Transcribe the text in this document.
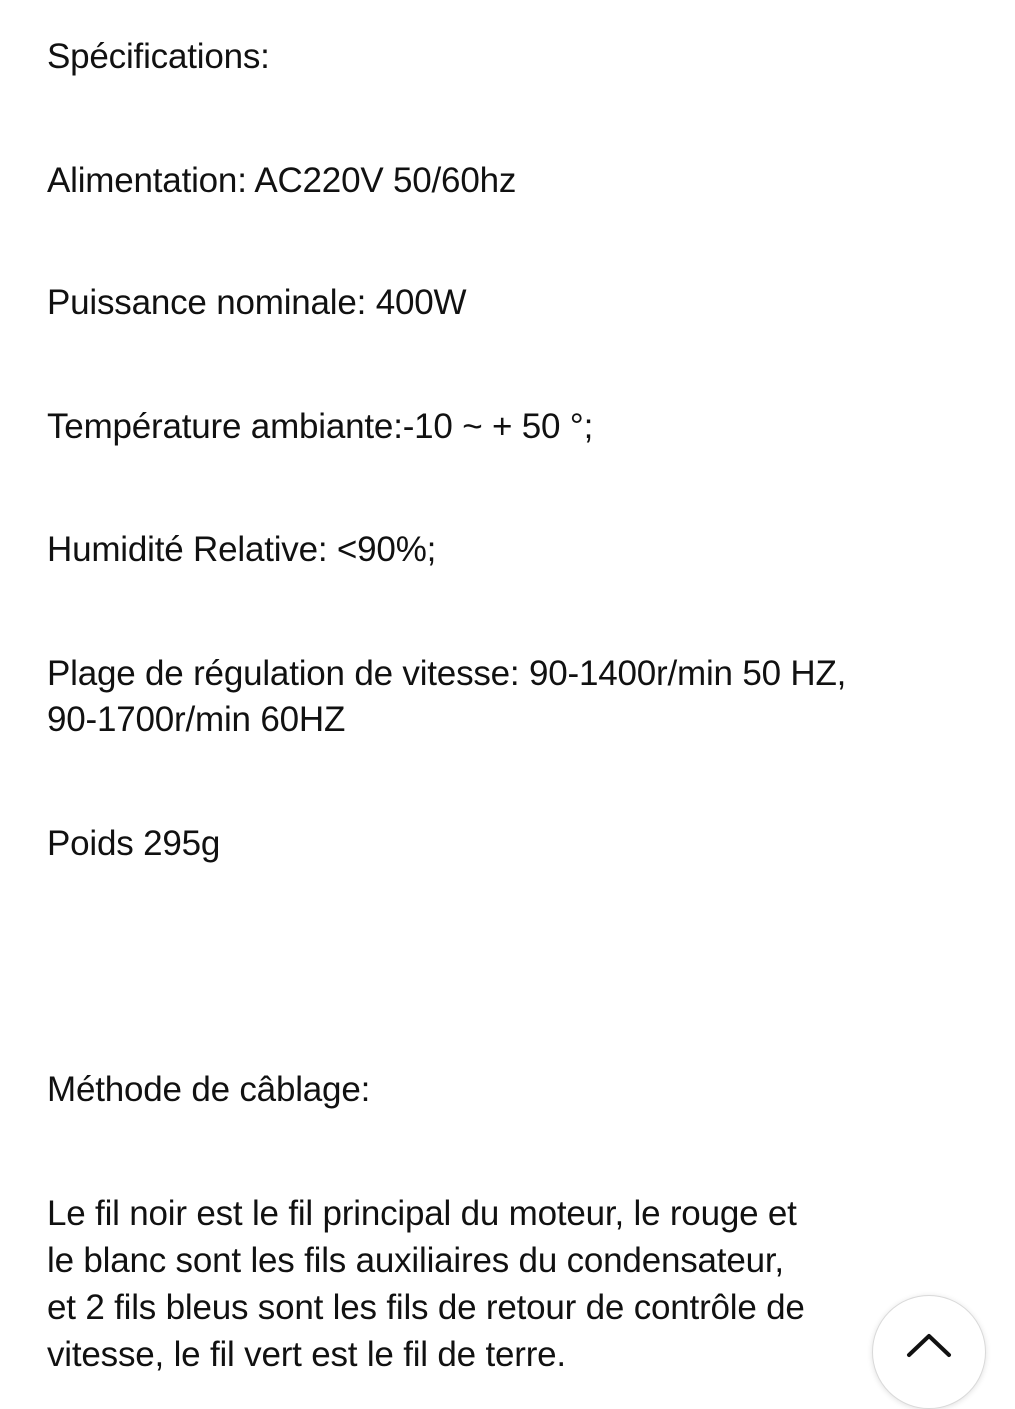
Spécifications:
Alimentation: AC220V 50/60hz
Puissance nominale: 400W
Température ambiante:-10 ~ + 50 °;
Humidité Relative: <90%;
Plage de régulation de vitesse: 90-1400r/min 50 HZ,
90-1700r/min 60HZ
Poids 295g
Méthode de câblage:
Le fil noir est le fil principal du moteur, le rouge et
le blanc sont les fils auxiliaires du condensateur,
et 2 fils bleus sont les fils de retour de contrôle de
vitesse, le fil vert est le fil de terre.
